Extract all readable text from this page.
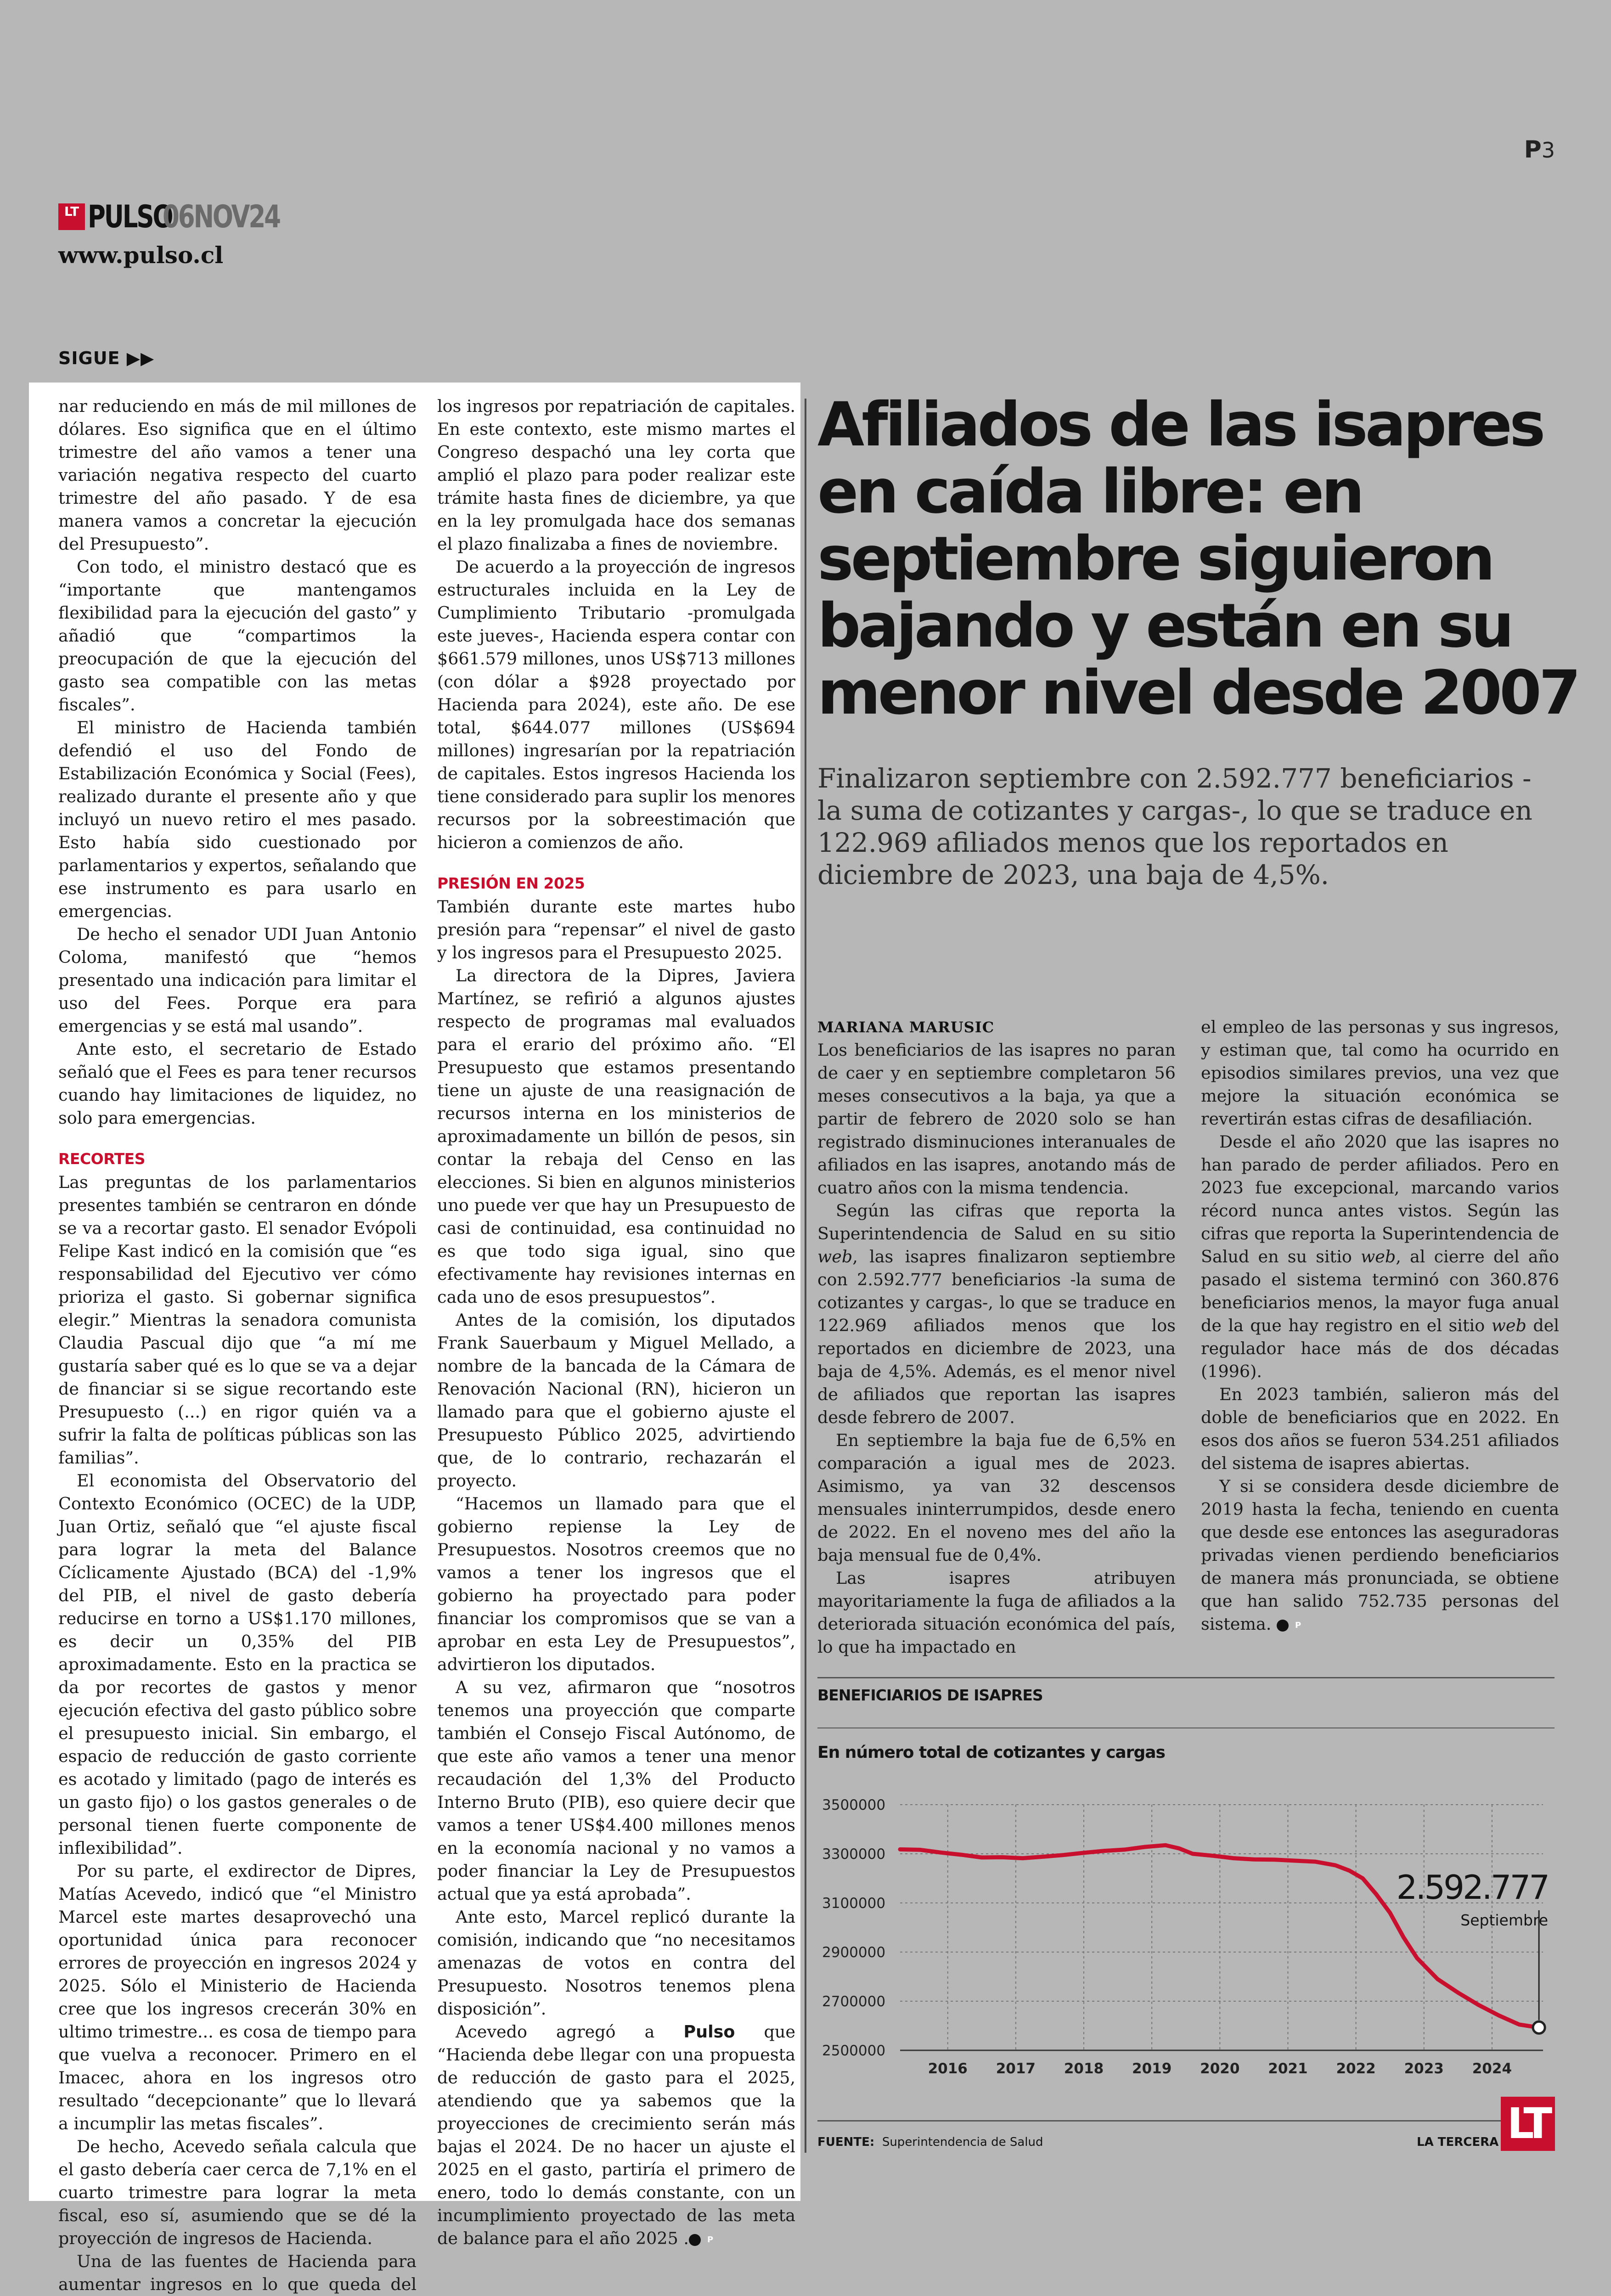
P3
LT PULSO
06NOV24
www.pulso.cl
SIGUE ▶▶

nar reduciendo en más de mil millones de dólares. Eso significa que en el último trimestre del año vamos a tener una variación negativa respecto del cuarto trimestre del año pasado. Y de esa manera vamos a concretar la ejecución del Presupuesto”.

Con todo, el ministro destacó que es “importante que mantengamos flexibilidad para la ejecución del gasto” y añadió que “compartimos la preocupación de que la ejecución del gasto sea compatible con las metas fiscales”.

El ministro de Hacienda también defendió el uso del Fondo de Estabilización Económica y Social (Fees), realizado durante el presente año y que incluyó un nuevo retiro el mes pasado. Esto había sido cuestionado por parlamentarios y expertos, señalando que ese instrumento es para usarlo en emergencias.

De hecho el senador UDI Juan Antonio Coloma, manifestó que “hemos presentado una indicación para limitar el uso del Fees. Porque era para emergencias y se está mal usando”.

Ante esto, el secretario de Estado señaló que el Fees es para tener recursos cuando hay limitaciones de liquidez, no solo para emergencias.

RECORTES

Las preguntas de los parlamentarios presentes también se centraron en dónde se va a recortar gasto. El senador Evópoli Felipe Kast indicó en la comisión que “es responsabilidad del Ejecutivo ver cómo prioriza el gasto. Si gobernar significa elegir.” Mientras la senadora comunista Claudia Pascual dijo que “a mí me gustaría saber qué es lo que se va a dejar de financiar si se sigue recortando este Presupuesto (...) en rigor quién va a sufrir la falta de políticas públicas son las familias”.

El economista del Observatorio del Contexto Económico (OCEC) de la UDP, Juan Ortiz, señaló que “el ajuste fiscal para lograr la meta del Balance Cíclicamente Ajustado (BCA) del -1,9% del PIB, el nivel de gasto debería reducirse en torno a US$1.170 millones, es decir un 0,35% del PIB aproximadamente. Esto en la practica se da por recortes de gastos y menor ejecución efectiva del gasto público sobre el presupuesto inicial. Sin embargo, el espacio de reducción de gasto corriente es acotado y limitado (pago de interés es un gasto fijo) o los gastos generales o de personal tienen fuerte componente de inflexibilidad”.

Por su parte, el exdirector de Dipres, Matías Acevedo, indicó que “el Ministro Marcel este martes desaprovechó una oportunidad única para reconocer errores de proyección en ingresos 2024 y 2025. Sólo el Ministerio de Hacienda cree que los ingresos crecerán 30% en ultimo trimestre... es cosa de tiempo para que vuelva a reconocer. Primero en el Imacec, ahora en los ingresos otro resultado “decepcionante” que lo llevará a incumplir las metas fiscales”.

De hecho, Acevedo señala calcula que el gasto debería caer cerca de 7,1% en el cuarto trimestre para lograr la meta fiscal, eso sí, asumiendo que se dé la proyección de ingresos de Hacienda.

Una de las fuentes de Hacienda para aumentar ingresos en lo que queda del

los ingresos por repatriación de capitales. En este contexto, este mismo martes el Congreso despachó una ley corta que amplió el plazo para poder realizar este trámite hasta fines de diciembre, ya que en la ley promulgada hace dos semanas el plazo finalizaba a fines de noviembre.

De acuerdo a la proyección de ingresos estructurales incluida en la Ley de Cumplimiento Tributario -promulgada este jueves-, Hacienda espera contar con $661.579 millones, unos US$713 millones (con dólar a $928 proyectado por Hacienda para 2024), este año. De ese total, $644.077 millones (US$694 millones) ingresarían por la repatriación de capitales. Estos ingresos Hacienda los tiene considerado para suplir los menores recursos por la sobreestimación que hicieron a comienzos de año.

PRESIÓN EN 2025

También durante este martes hubo presión para “repensar” el nivel de gasto y los ingresos para el Presupuesto 2025.

La directora de la Dipres, Javiera Martínez, se refirió a algunos ajustes respecto de programas mal evaluados para el erario del próximo año. “El Presupuesto que estamos presentando tiene un ajuste de una reasignación de recursos interna en los ministerios de aproximadamente un billón de pesos, sin contar la rebaja del Censo en las elecciones. Si bien en algunos ministerios uno puede ver que hay un Presupuesto de casi de continuidad, esa continuidad no es que todo siga igual, sino que efectivamente hay revisiones internas en cada uno de esos presupuestos”.

Antes de la comisión, los diputados Frank Sauerbaum y Miguel Mellado, a nombre de la bancada de la Cámara de Renovación Nacional (RN), hicieron un llamado para que el gobierno ajuste el Presupuesto Público 2025, advirtiendo que, de lo contrario, rechazarán el proyecto.

“Hacemos un llamado para que el gobierno repiense la Ley de Presupuestos. Nosotros creemos que no vamos a tener los ingresos que el gobierno ha proyectado para poder financiar los compromisos que se van a aprobar en esta Ley de Presupuestos”, advirtieron los diputados.

A su vez, afirmaron que “nosotros tenemos una proyección que comparte también el Consejo Fiscal Autónomo, de que este año vamos a tener una menor recaudación del 1,3% del Producto Interno Bruto (PIB), eso quiere decir que vamos a tener US$4.400 millones menos en la economía nacional y no vamos a poder financiar la Ley de Presupuestos actual que ya está aprobada”.

Ante esto, Marcel replicó durante la comisión, indicando que “no necesitamos amenazas de votos en contra del Presupuesto. Nosotros tenemos plena disposición”.

Acevedo agregó a Pulso que “Hacienda debe llegar con una propuesta de reducción de gasto para el 2025, atendiendo que ya sabemos que la proyecciones de crecimiento serán más bajas el 2024. De no hacer un ajuste el 2025 en el gasto, partiría el primero de enero, todo lo demás constante, con un incumplimiento proyectado de las meta de balance para el año 2025 . P

Afiliados de las isapres en caída libre: en septiembre siguieron bajando y están en su menor nivel desde 2007

Finalizaron septiembre con 2.592.777 beneficiarios -la suma de cotizantes y cargas-, lo que se traduce en 122.969 afiliados menos que los reportados en diciembre de 2023, una baja de 4,5%.

MARIANA MARUSIC

Los beneficiarios de las isapres no paran de caer y en septiembre completaron 56 meses consecutivos a la baja, ya que a partir de febrero de 2020 solo se han registrado disminuciones interanuales de afiliados en las isapres, anotando más de cuatro años con la misma tendencia.

Según las cifras que reporta la Superintendencia de Salud en su sitio web, las isapres finalizaron septiembre con 2.592.777 beneficiarios -la suma de cotizantes y cargas-, lo que se traduce en 122.969 afiliados menos que los reportados en diciembre de 2023, una baja de 4,5%. Además, es el menor nivel de afiliados que reportan las isapres desde febrero de 2007.

En septiembre la baja fue de 6,5% en comparación a igual mes de 2023. Asimismo, ya van 32 descensos mensuales ininterrumpidos, desde enero de 2022. En el noveno mes del año la baja mensual fue de 0,4%.

Las isapres atribuyen mayoritariamente la fuga de afiliados a la deteriorada situación económica del país, lo que ha impactado en

el empleo de las personas y sus ingresos, y estiman que, tal como ha ocurrido en episodios similares previos, una vez que mejore la situación económica se revertirán estas cifras de desafiliación.

Desde el año 2020 que las isapres no han parado de perder afiliados. Pero en 2023 fue excepcional, marcando varios récord nunca antes vistos. Según las cifras que reporta la Superintendencia de Salud en su sitio web, al cierre del año pasado el sistema terminó con 360.876 beneficiarios menos, la mayor fuga anual de la que hay registro en el sitio web del regulador hace más de dos décadas (1996).

En 2023 también, salieron más del doble de beneficiarios que en 2022. En esos dos años se fueron 534.251 afiliados del sistema de isapres abiertas.

Y si se considera desde diciembre de 2019 hasta la fecha, teniendo en cuenta que desde ese entonces las aseguradoras privadas vienen perdiendo beneficiarios de manera más pronunciada, se obtiene que han salido 752.735 personas del sistema.	P

BENEFICIARIOS DE ISAPRES
En número total de cotizantes y cargas
3500000
3300000
3100000
2900000
2700000
2500000
2016 2017 2018 2019 2020 2021 2022 2023 2024
2.592.777
Septiembre
FUENTE: Superintendencia de Salud	LA TERCERA LT
